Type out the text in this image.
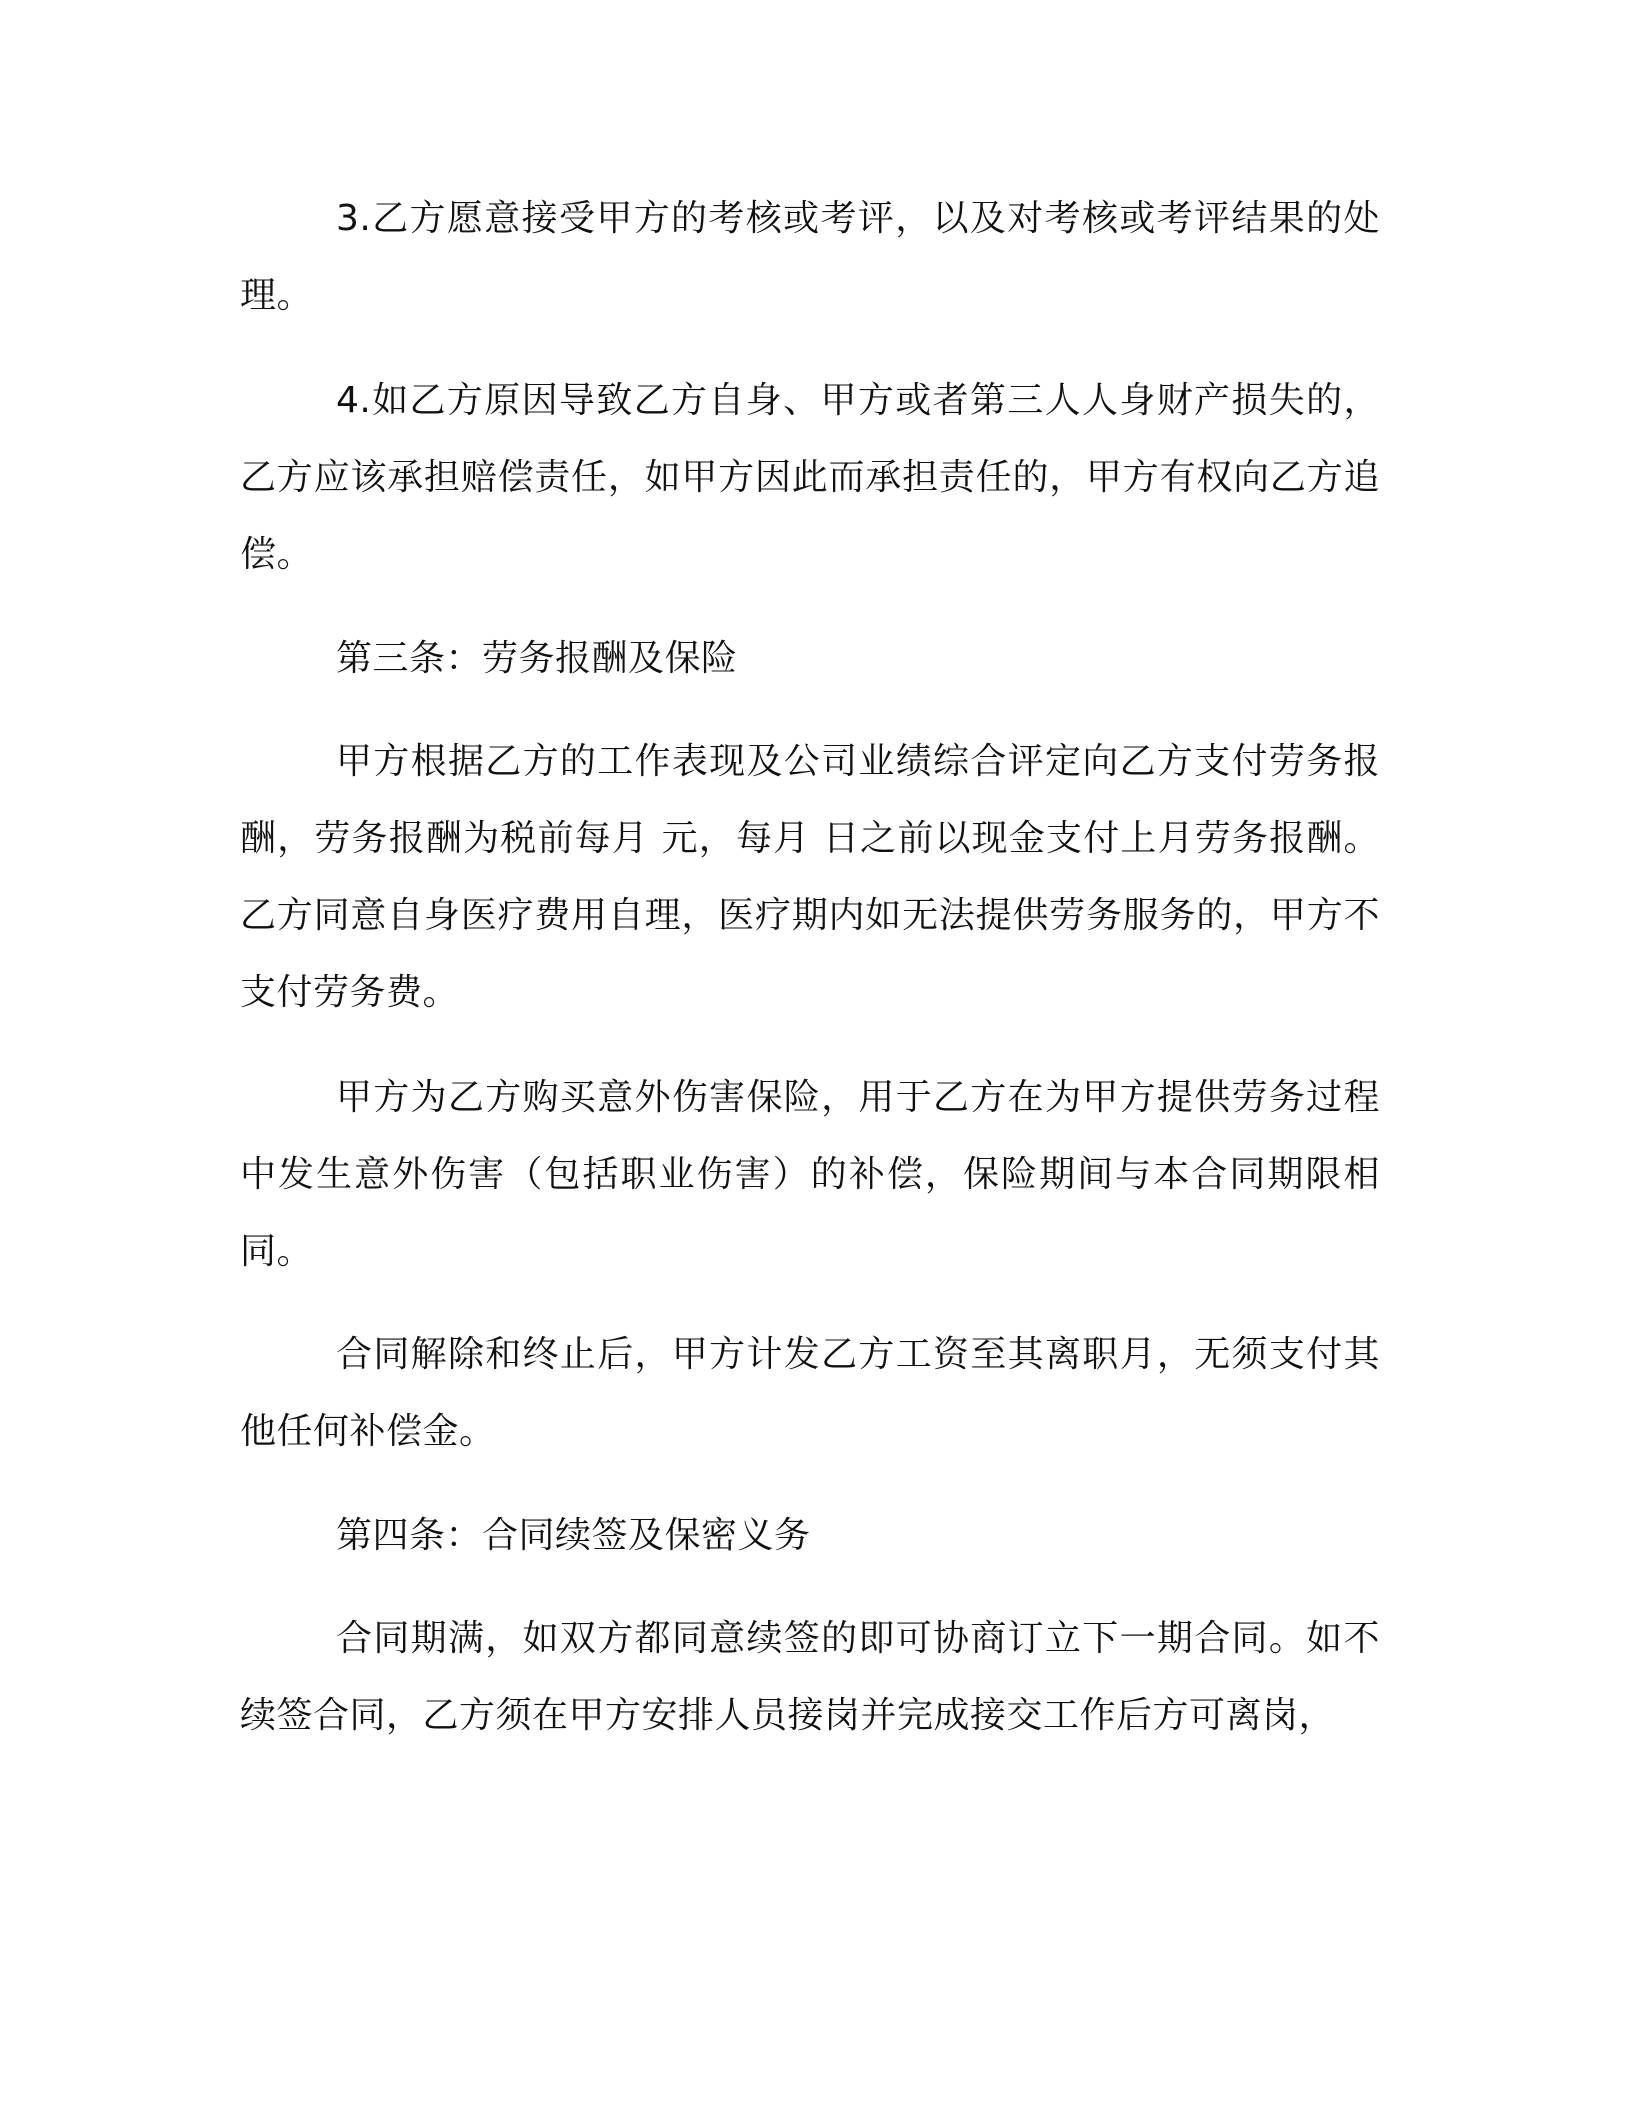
3.乙方愿意接受甲方的考核或考评，以及对考核或考评结果的处理。

4.如乙方原因导致乙方自身、甲方或者第三人人身财产损失的，乙方应该承担赔偿责任，如甲方因此而承担责任的，甲方有权向乙方追偿。

第三条：劳务报酬及保险

甲方根据乙方的工作表现及公司业绩综合评定向乙方支付劳务报酬，劳务报酬为税前每月 元，每月 日之前以现金支付上月劳务报酬。乙方同意自身医疗费用自理，医疗期内如无法提供劳务服务的，甲方不支付劳务费。

甲方为乙方购买意外伤害保险，用于乙方在为甲方提供劳务过程中发生意外伤害（包括职业伤害）的补偿，保险期间与本合同期限相同。

合同解除和终止后，甲方计发乙方工资至其离职月，无须支付其他任何补偿金。

第四条：合同续签及保密义务

合同期满，如双方都同意续签的即可协商订立下一期合同。如不续签合同，乙方须在甲方安排人员接岗并完成接交工作后方可离岗，
